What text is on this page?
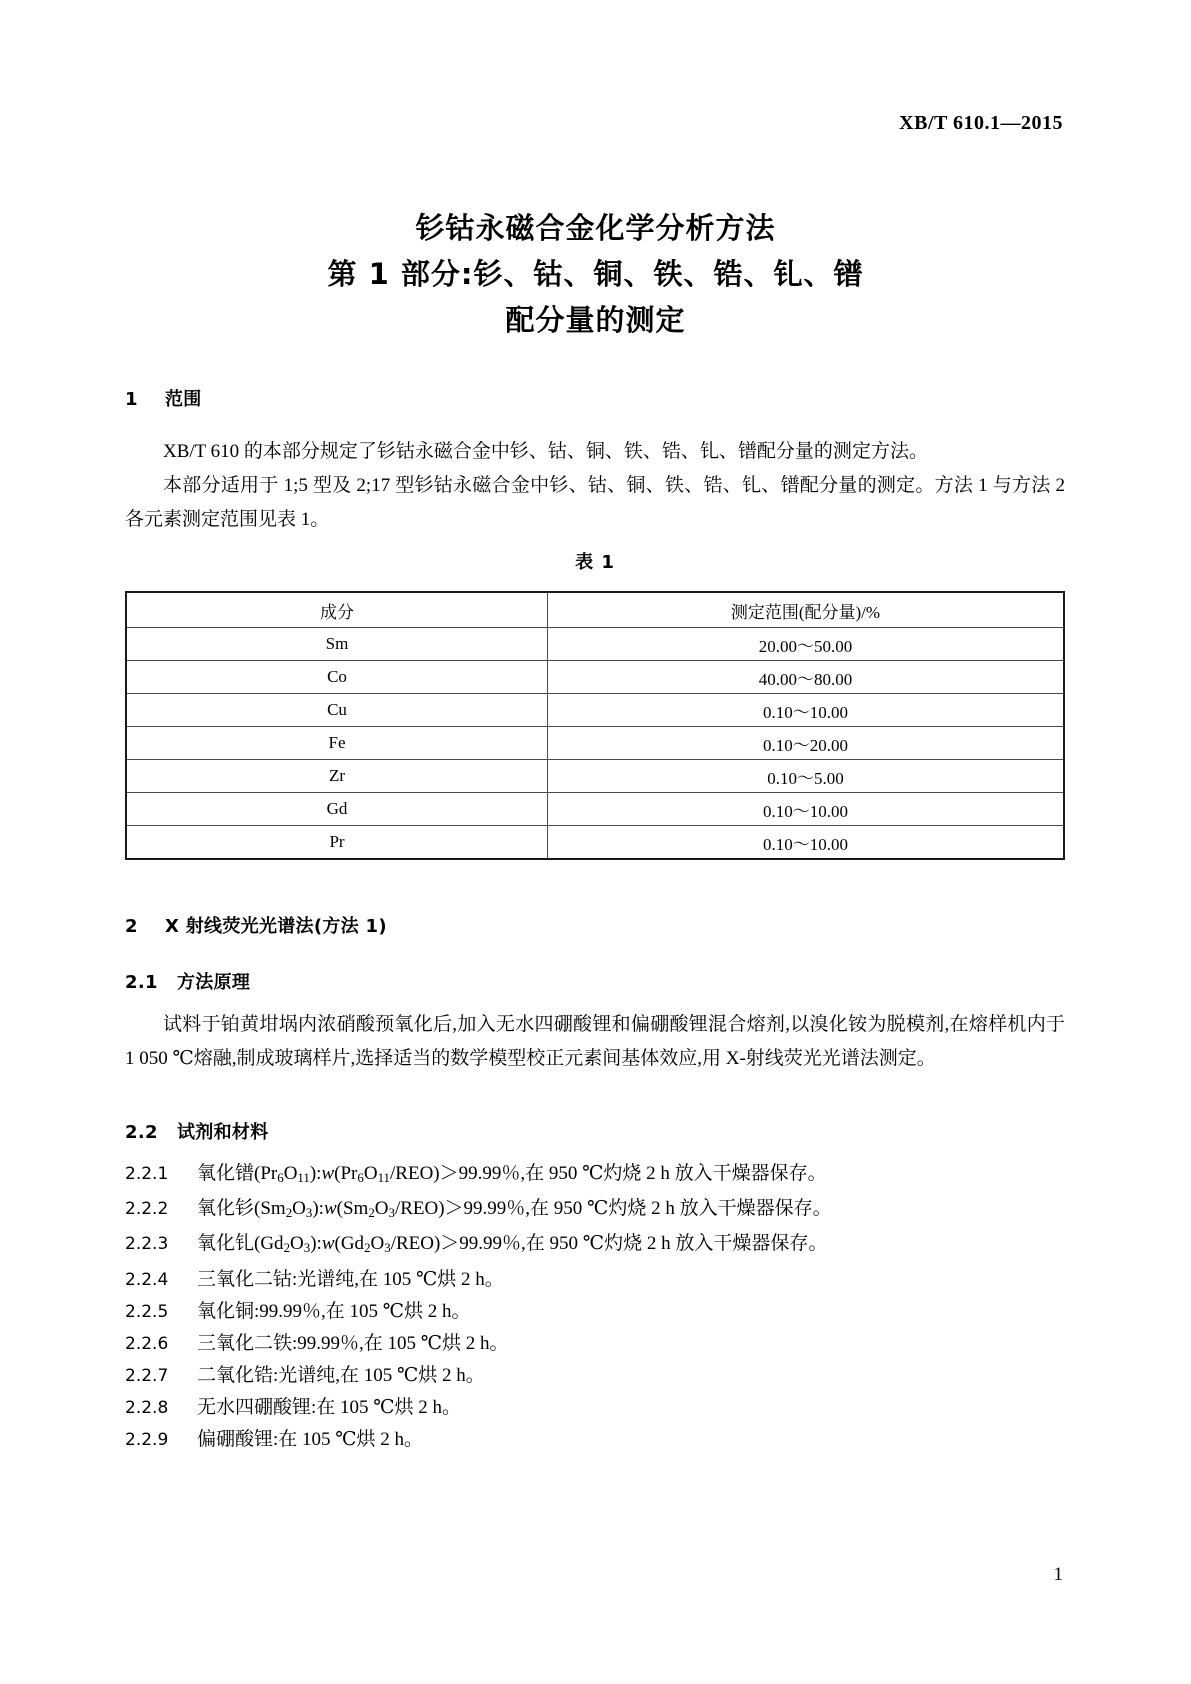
XB/T 610.1—2015
钐钴永磁合金化学分析方法
第 1 部分:钐、钴、铜、铁、锆、钆、镨
配分量的测定
1 范围
XB/T 610 的本部分规定了钐钴永磁合金中钐、钴、铜、铁、锆、钆、镨配分量的测定方法。
本部分适用于 1;5 型及 2;17 型钐钴永磁合金中钐、钴、铜、铁、锆、钆、镨配分量的测定。方法 1 与方法 2 各元素测定范围见表 1。
表 1
成分	测定范围(配分量)/%
Sm	20.00～50.00
Co	40.00～80.00
Cu	0.10～10.00
Fe	0.10～20.00
Zr	0.10～5.00
Gd	0.10～10.00
Pr	0.10～10.00
2 X 射线荧光光谱法(方法 1)
2.1 方法原理
试料于铂黄坩埚内浓硝酸预氧化后,加入无水四硼酸锂和偏硼酸锂混合熔剂,以溴化铵为脱模剂,在熔样机内于 1 050 ℃熔融,制成玻璃样片,选择适当的数学模型校正元素间基体效应,用 X-射线荧光光谱法测定。
2.2 试剂和材料
2.2.1 氧化镨$(Pr_6O_{11}):w(Pr_6O_{11}/REO)>99.99$％,在 950 ℃灼烧 2 h 放入干燥器保存。
2.2.2 氧化钐$(Sm_2O_3):w(Sm_2O_3/REO)>99.99$％,在 950 ℃灼烧 2 h 放入干燥器保存。
2.2.3 氧化钆$(Gd_2O_3):w(Gd_2O_3/REO)>99.99$％,在 950 ℃灼烧 2 h 放入干燥器保存。
2.2.4 三氧化二钴:光谱纯,在 105 ℃烘 2 h。
2.2.5 氧化铜:99.99％,在 105 ℃烘 2 h。
2.2.6 三氧化二铁:99.99％,在 105 ℃烘 2 h。
2.2.7 二氧化锆:光谱纯,在 105 ℃烘 2 h。
2.2.8 无水四硼酸锂:在 105 ℃烘 2 h。
2.2.9 偏硼酸锂:在 105 ℃烘 2 h。
1
